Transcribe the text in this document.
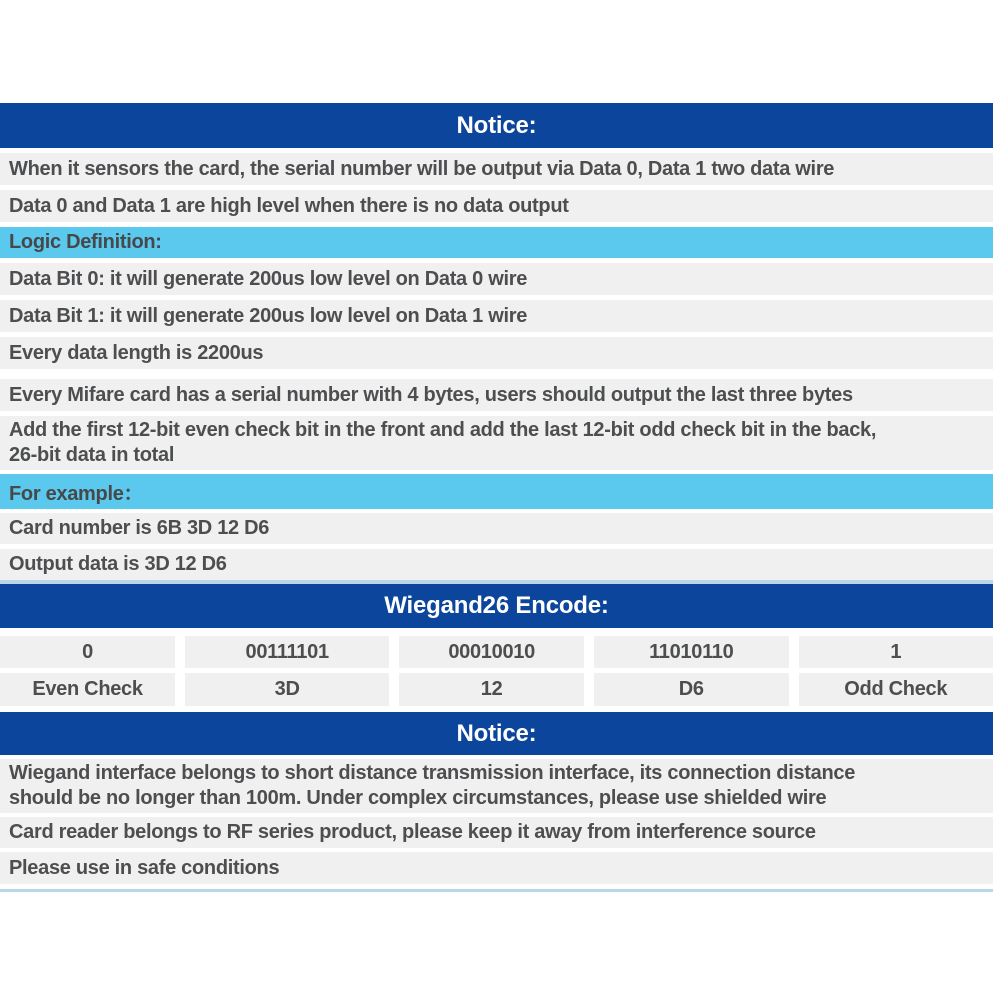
Notice:
When it sensors the card, the serial number will be output via Data 0, Data 1 two data wire
Data 0 and Data 1 are high level when there is no data output
Logic Definition:
Data Bit 0: it will generate 200us low level on Data 0 wire
Data Bit 1: it will generate 200us low level on Data 1 wire
Every data length is 2200us
Every Mifare card has a serial number with 4 bytes, users should output the last three bytes
Add the first 12-bit even check bit in the front and add the last 12-bit odd check bit in the back,
26-bit data in total
For example：
Card number is 6B 3D 12 D6
Output data is 3D 12 D6
Wiegand26 Encode:
0	00111101	00010010	11010110	1
Even Check	3D	12	D6	Odd Check
Notice:
Wiegand interface belongs to short distance transmission interface, its connection distance
should be no longer than 100m. Under complex circumstances, please use shielded wire
Card reader belongs to RF series product, please keep it away from interference source
Please use in safe conditions
